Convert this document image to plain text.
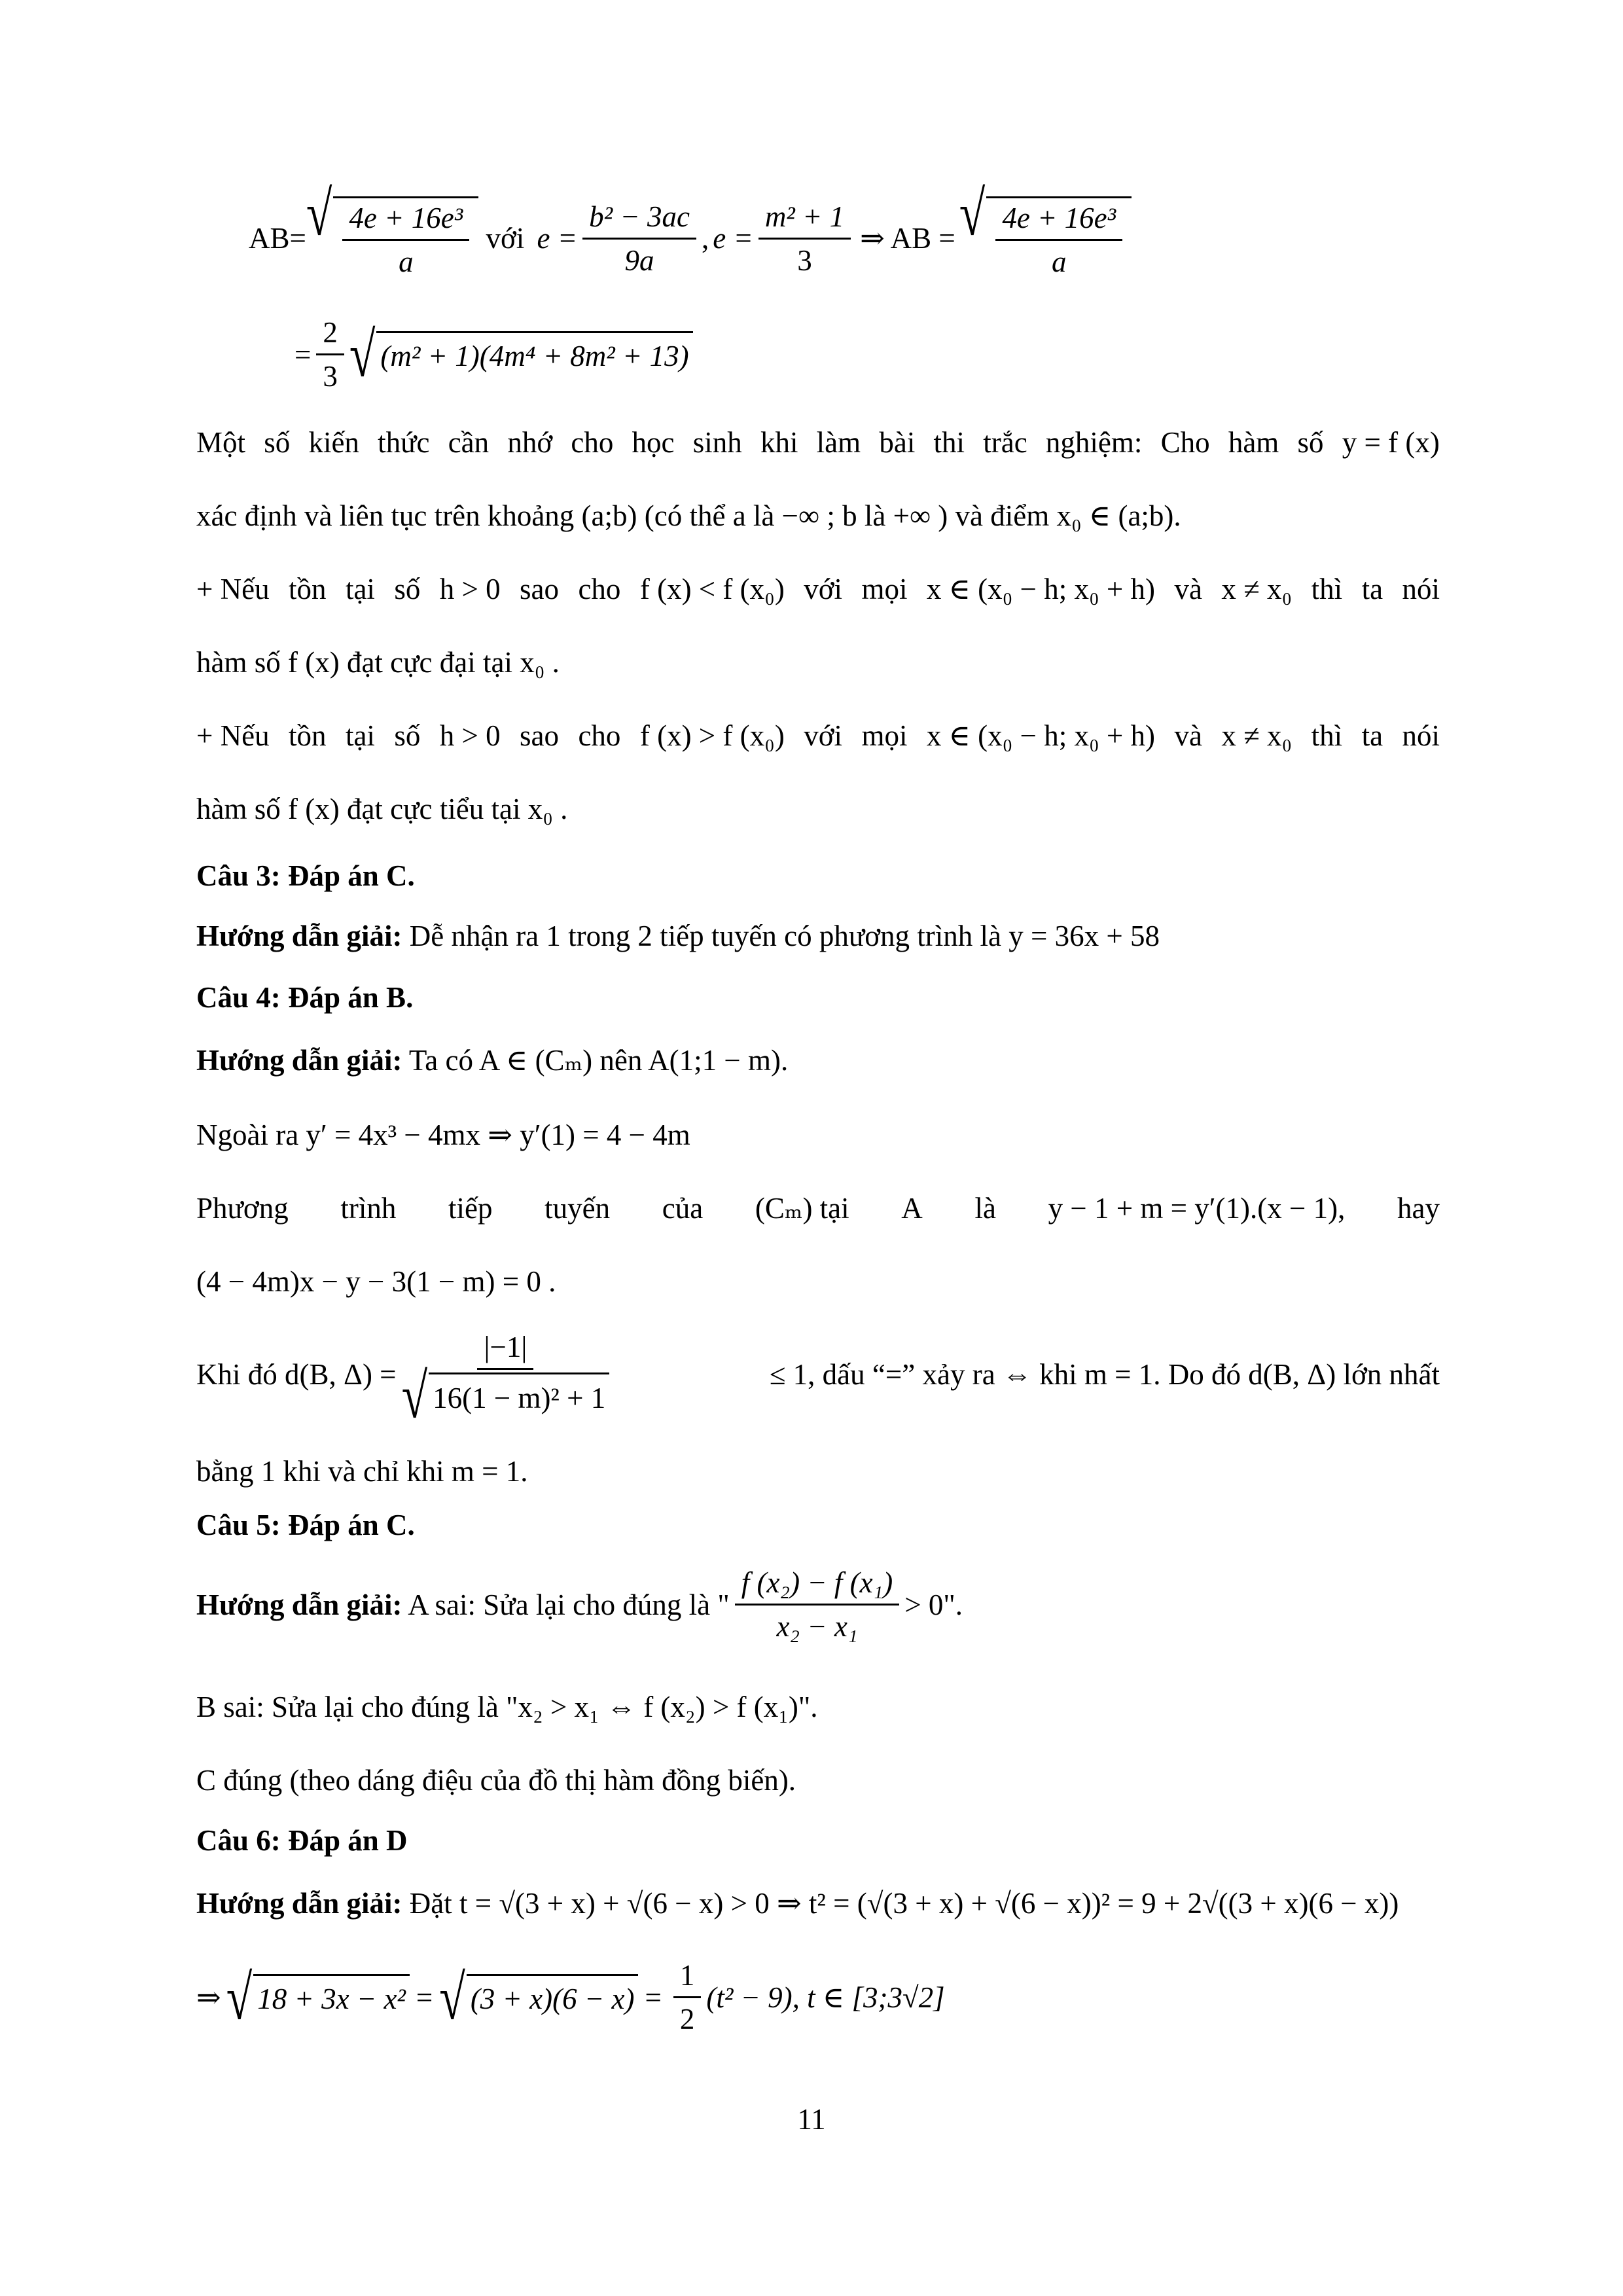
AB= √ $\frac{\text{4e + 16e³}}{a}$ với $e = \frac{\text{b² − 3ac}}{9a}$ , $e = \frac{\text{m² + 1}}{3}$ ⇒ AB = √ $\frac{\text{4e + 16e³}}{a}$
= $\frac{2}{3}$ √ (m² + 1)(4m⁴ + 8m² + 13)
Một số kiến thức cần nhớ cho học sinh khi làm bài thi trắc nghiệm: Cho hàm số y = f (x)
xác định và liên tục trên khoảng (a;b) (có thể a là −∞ ; b là +∞ ) và điểm x₀ ∈ (a;b).
+ Nếu tồn tại số h > 0 sao cho f (x) < f (x₀) với mọi x ∈ (x₀ − h; x₀ + h) và x ≠ x₀ thì ta nói
hàm số f (x) đạt cực đại tại x₀ .
+ Nếu tồn tại số h > 0 sao cho f (x) > f (x₀) với mọi x ∈ (x₀ − h; x₀ + h) và x ≠ x₀ thì ta nói
hàm số f (x) đạt cực tiểu tại x₀ .
Câu 3: Đáp án C.
Hướng dẫn giải: Dễ nhận ra 1 trong 2 tiếp tuyến có phương trình là y = 36x + 58
Câu 4: Đáp án B.
Hướng dẫn giải: Ta có A ∈ (Cₘ) nên A(1;1 − m).
Ngoài ra y′ = 4x³ − 4mx ⇒ y′(1) = 4 − 4m
Phương trình tiếp tuyến của (Cₘ) tại A là y − 1 + m = y′(1).(x − 1), hay
(4 − 4m)x − y − 3(1 − m) = 0 .
Khi đó d(B, $\Delta) = \frac{|-1|}{\text{√ 16(1 − m)² + 1}}$	≤ 1, dấu “=” xảy ra ⇔ khi m = 1. Do đó d(B, Δ) lớn nhất
bằng 1 khi và chỉ khi m = 1.
Câu 5: Đáp án C.
Hướng dẫn giải: A sai: Sửa lại cho đúng là " $\frac{\text{f (x₂) − f (x₁)}}{\text{x₂ − x₁}} > 0$".
B sai: Sửa lại cho đúng là "x₂ > x₁ ⇔ f (x₂) > f (x₁)".
C đúng (theo dáng điệu của đồ thị hàm đồng biến).
Câu 6: Đáp án D
Hướng dẫn giải: Đặt t = √(3 + x) + √(6 − x) > 0 ⇒ t² = (√(3 + x) + √(6 − x))² = 9 + 2√((3 + x)(6 − x))
⇒ √ 18 + 3x − x² = √ $(3 + x)(6 - x) = \frac{1}{2} (t^2 - 9)$, t ∈ [3;3√2]
11
